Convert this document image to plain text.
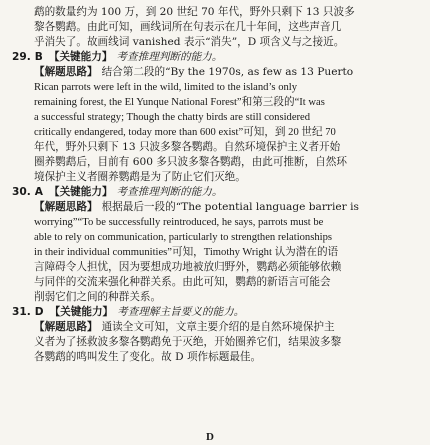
鹉的数量约为 100 万，到 20 世纪 70 年代，野外只剩下 13 只波多

黎各鹦鹉。由此可知，画线词所在句表示在几十年间，这些声音几

乎消失了。故画线词 vanished 表示“消失”，D 项含义与之接近。

29. B 【关键能力】 考查推理判断的能力。

【解题思路】 结合第二段的“By the 1970s, as few as 13 Puerto

Rican parrots were left in the wild, limited to the island’s only

remaining forest, the El Yunque National Forest”和第三段的“It was

a successful strategy; Though the chatty birds are still considered

critically endangered, today more than 600 exist”可知，到 20 世纪 70

年代，野外只剩下 13 只波多黎各鹦鹉。自然环境保护主义者开始

圈养鹦鹉后，目前有 600 多只波多黎各鹦鹉，由此可推断，自然环

境保护主义者圈养鹦鹉是为了防止它们灭绝。

30. A 【关键能力】 考查推理判断的能力。

【解题思路】 根据最后一段的“The potential language barrier is

worrying”“To be successfully reintroduced, he says, parrots must be

able to rely on communication, particularly to strengthen relationships

in their individual communities”可知，Timothy Wright 认为潜在的语

言障碍令人担忧，因为要想成功地被放归野外，鹦鹉必须能够依赖

与同伴的交流来强化种群关系。由此可知，鹦鹉的新语言可能会

削弱它们之间的种群关系。

31. D 【关键能力】 考查理解主旨要义的能力。

【解题思路】 通读全文可知，文章主要介绍的是自然环境保护主

义者为了拯救波多黎各鹦鹉免于灭绝，开始圈养它们，结果波多黎

各鹦鹉的鸣叫发生了变化。故 D 项作标题最佳。

D
